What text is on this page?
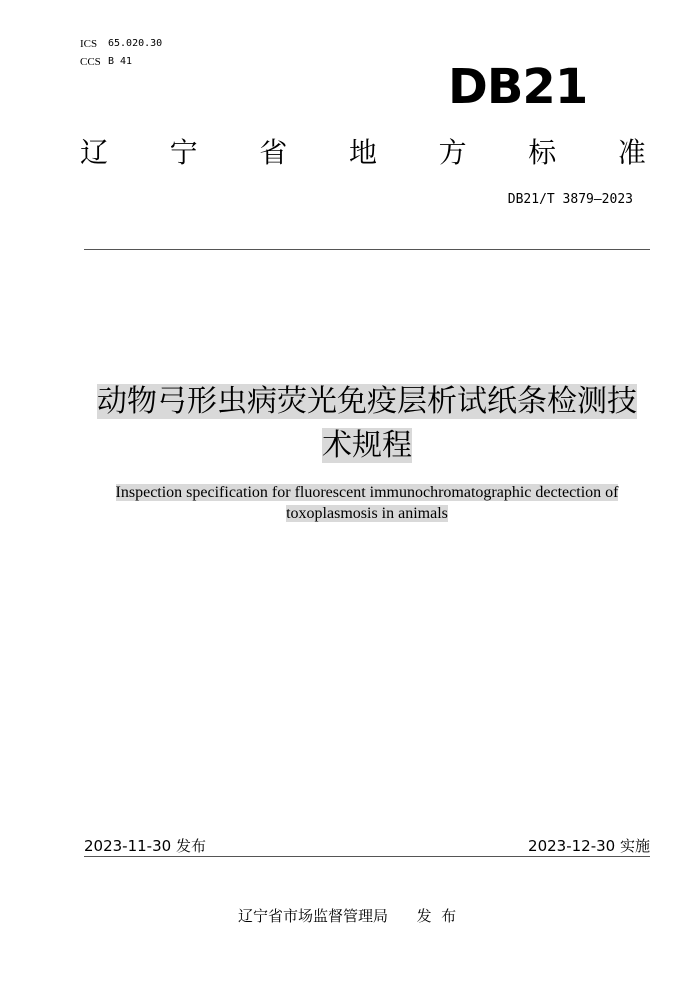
ICS	65.020.30
CCS B 41	DB21
辽 宁 省 地 方 标 准
DB21/T 3879—2023
动物弓形虫病荧光免疫层析试纸条检测技
术规程
Inspection specification for fluorescent immunochromatographic dectection of
toxoplasmosis in animals
2023-11-30 发布	2023-12-30 实施
辽宁省市场监督管理局      发  布
